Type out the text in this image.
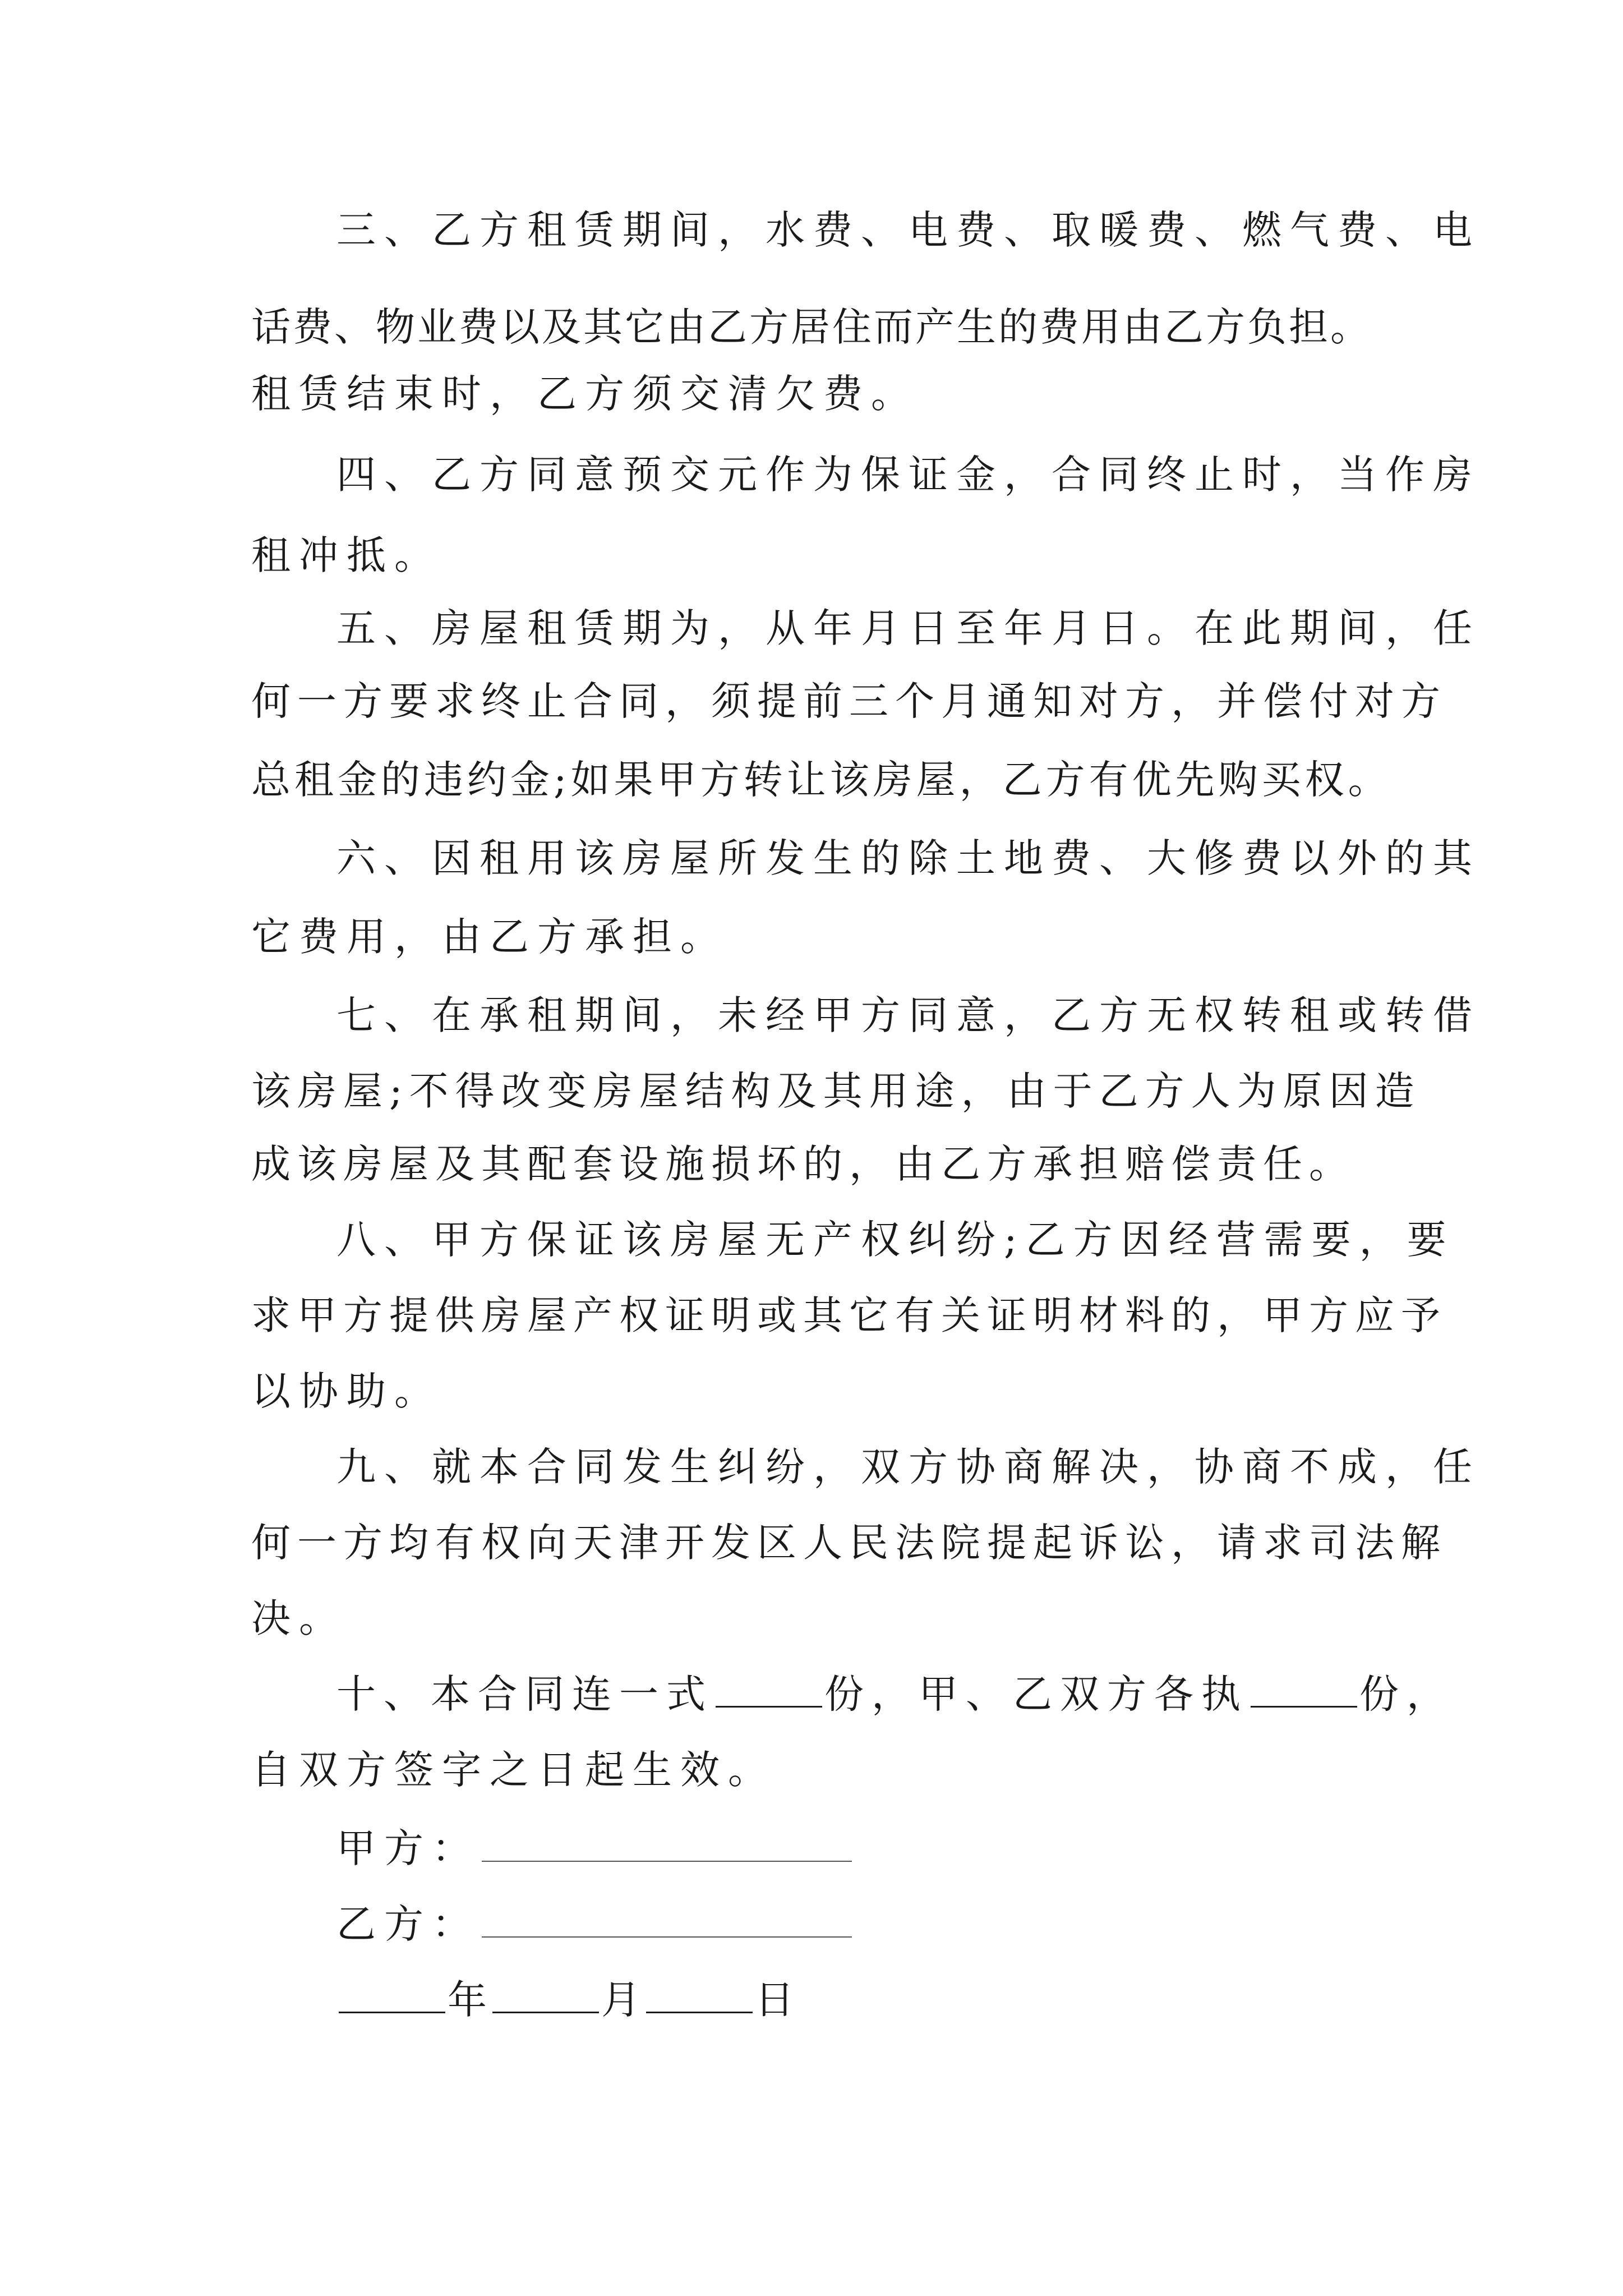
三、乙方租赁期间，水费、电费、取暖费、燃气费、电
话费、物业费以及其它由乙方居住而产生的费用由乙方负担。
租赁结束时，乙方须交清欠费。
四、乙方同意预交元作为保证金，合同终止时，当作房
租冲抵。
五、房屋租赁期为，从年月日至年月日。在此期间，任
何一方要求终止合同，须提前三个月通知对方，并偿付对方
总租金的违约金;如果甲方转让该房屋，乙方有优先购买权。
六、因租用该房屋所发生的除土地费、大修费以外的其
它费用，由乙方承担。
七、在承租期间，未经甲方同意，乙方无权转租或转借
该房屋;不得改变房屋结构及其用途，由于乙方人为原因造
成该房屋及其配套设施损坏的，由乙方承担赔偿责任。
八、甲方保证该房屋无产权纠纷;乙方因经营需要，要
求甲方提供房屋产权证明或其它有关证明材料的，甲方应予
以协助。
九、就本合同发生纠纷，双方协商解决，协商不成，任
何一方均有权向天津开发区人民法院提起诉讼，请求司法解
决。
十、本合同连一式	份，甲、乙双方各执	份，
自双方签字之日起生效。
甲方：
乙方：
年	月	日
